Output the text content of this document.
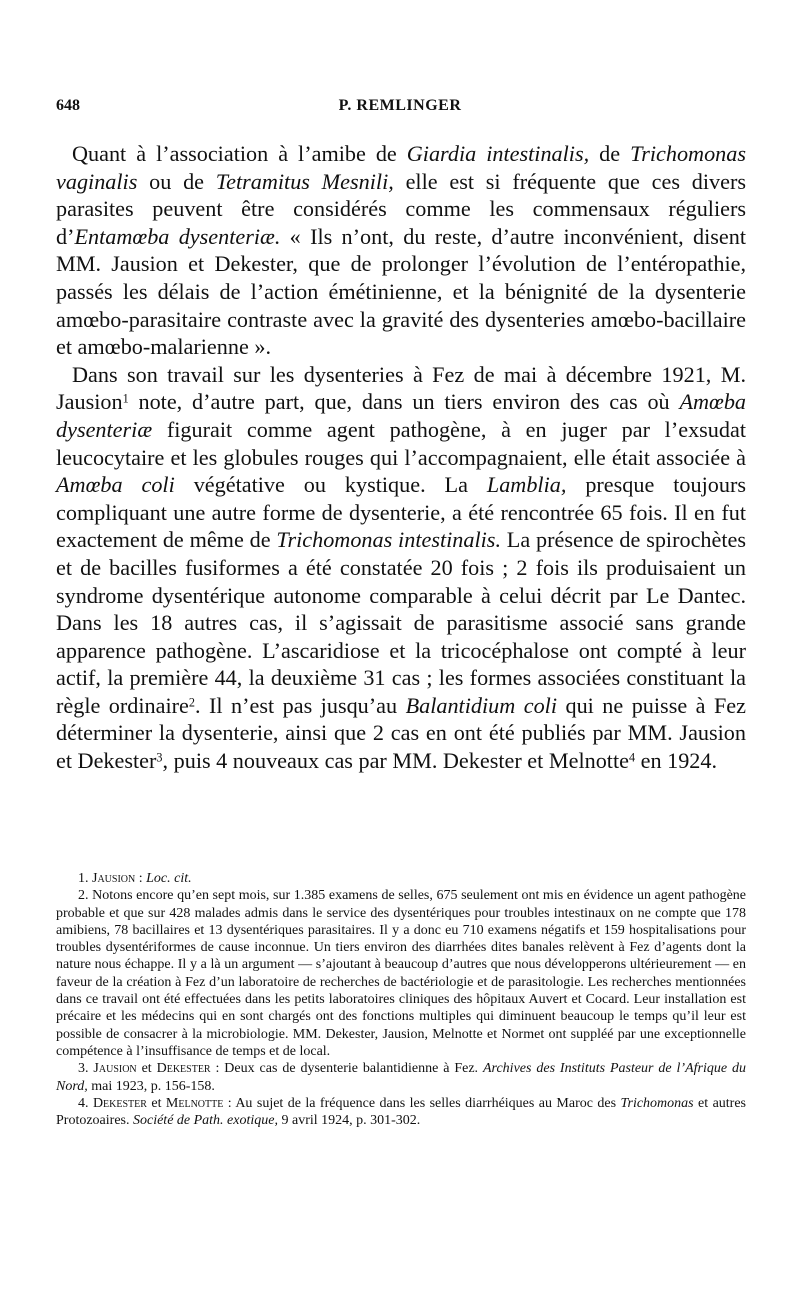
648	P. REMLINGER

Quant à l’association à l’amibe de Giardia intestinalis, de Trichomonas vaginalis ou de Tetramitus Mesnili, elle est si fréquente que ces divers parasites peuvent être considérés comme les commensaux réguliers d’Entamœba dysenteriæ. « Ils n’ont, du reste, d’autre inconvénient, disent MM. Jausion et Dekester, que de prolonger l’évolution de l’entéropathie, passés les délais de l’action émétinienne, et la bénignité de la dysenterie amœbo-parasitaire contraste avec la gravité des dysenteries amœbo-bacillaire et amœbo-malarienne ».

Dans son travail sur les dysenteries à Fez de mai à décembre 1921, M. Jausion$^1$ note, d’autre part, que, dans un tiers environ des cas où Amœba dysenteriæ figurait comme agent pathogène, à en juger par l’exsudat leucocytaire et les globules rouges qui l’accompagnaient, elle était associée à Amœba coli végétative ou kystique. La Lamblia, presque toujours compliquant une autre forme de dysenterie, a été rencontrée 65 fois. Il en fut exactement de même de Trichomonas intestinalis. La présence de spirochètes et de bacilles fusiformes a été constatée 20 fois ; 2 fois ils produisaient un syndrome dysentérique autonome comparable à celui décrit par Le Dantec. Dans les 18 autres cas, il s’agissait de parasitisme associé sans grande apparence pathogène. L’ascaridiose et la tricocéphalose ont compté à leur actif, la première 44, la deuxième 31 cas ; les formes associées constituant la règle ordinaire$^2$. Il n’est pas jusqu’au Balantidium coli qui ne puisse à Fez déterminer la dysenterie, ainsi que 2 cas en ont été publiés par MM. Jausion et Dekester$^3$, puis 4 nouveaux cas par MM. Dekester et Melnotte$^4$ en 1924.

1. Jausion : Loc. cit.

2. Notons encore qu’en sept mois, sur 1.385 examens de selles, 675 seulement ont mis en évidence un agent pathogène probable et que sur 428 malades admis dans le service des dysentériques pour troubles intestinaux on ne compte que 178 amibiens, 78 bacillaires et 13 dysentériques parasitaires. Il y a donc eu 710 examens négatifs et 159 hospitalisations pour troubles dysentériformes de cause inconnue. Un tiers environ des diarrhées dites banales relèvent à Fez d’agents dont la nature nous échappe. Il y a là un argument — s’ajoutant à beaucoup d’autres que nous développerons ultérieurement — en faveur de la création à Fez d’un laboratoire de recherches de bactériologie et de parasitologie. Les recherches mentionnées dans ce travail ont été effectuées dans les petits laboratoires cliniques des hôpitaux Auvert et Cocard. Leur installation est précaire et les médecins qui en sont chargés ont des fonctions multiples qui diminuent beaucoup le temps qu’il leur est possible de consacrer à la microbiologie. MM. Dekester, Jausion, Melnotte et Normet ont suppléé par une exceptionnelle compétence à l’insuffisance de temps et de local.

3. Jausion et Dekester : Deux cas de dysenterie balantidienne à Fez. Archives des Instituts Pasteur de l’Afrique du Nord, mai 1923, p. 156-158.

4. Dekester et Melnotte : Au sujet de la fréquence dans les selles diarrhéiques au Maroc des Trichomonas et autres Protozoaires. Société de Path. exotique, 9 avril 1924, p. 301-302.
